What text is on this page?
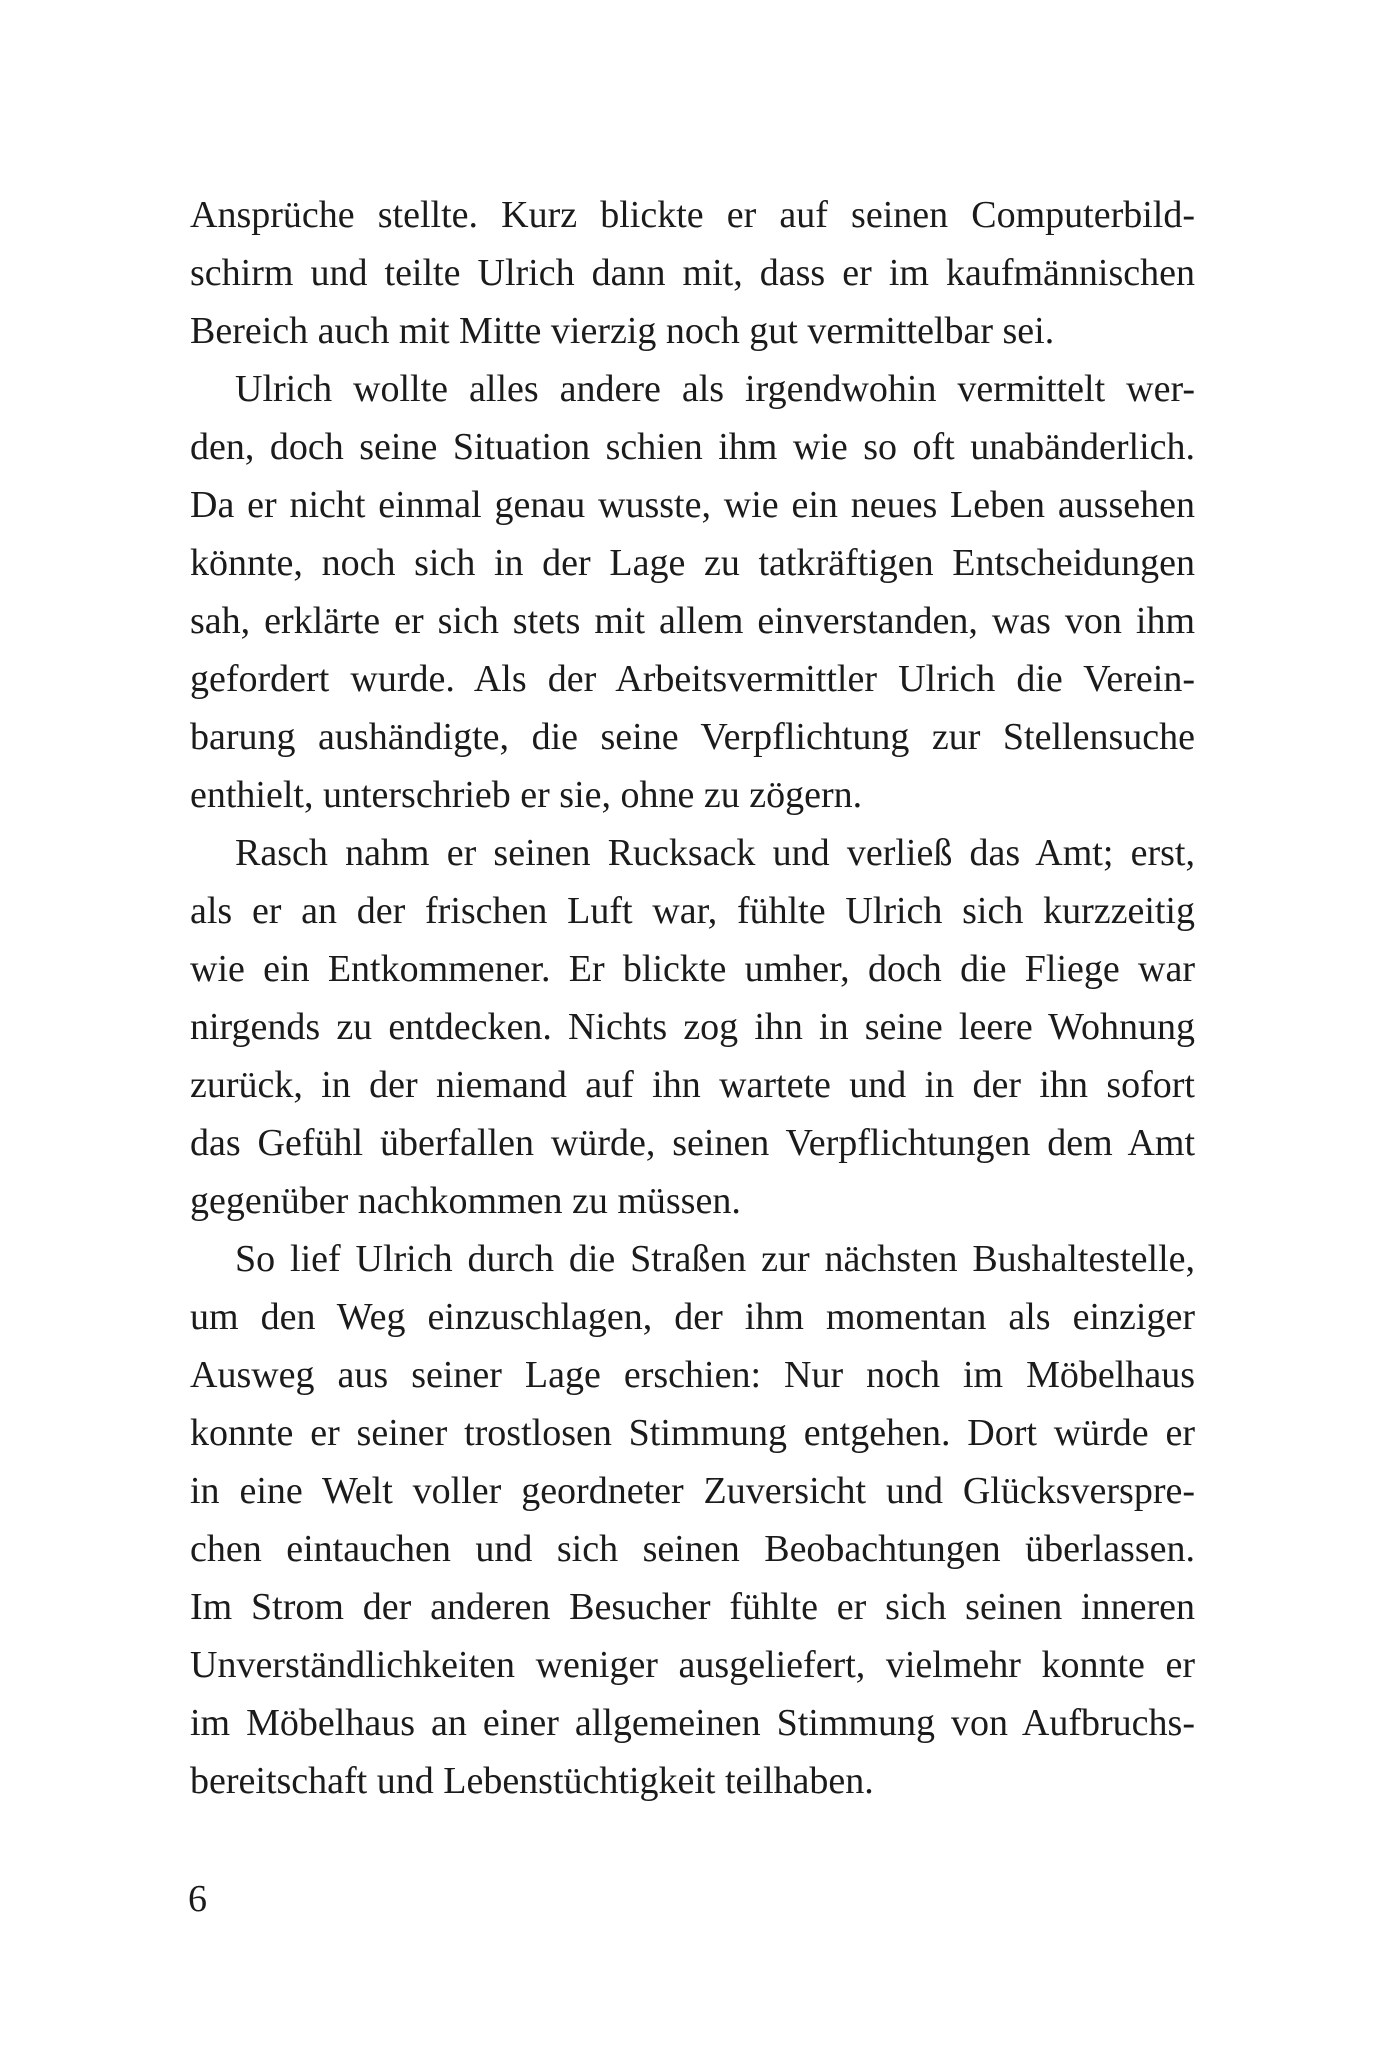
Ansprüche stellte. Kurz blickte er auf seinen Computerbild-
schirm und teilte Ulrich dann mit, dass er im kaufmännischen
Bereich auch mit Mitte vierzig noch gut vermittelbar sei.
Ulrich wollte alles andere als irgendwohin vermittelt wer-
den, doch seine Situation schien ihm wie so oft unabänderlich.
Da er nicht einmal genau wusste, wie ein neues Leben aussehen
könnte, noch sich in der Lage zu tatkräftigen Entscheidungen
sah, erklärte er sich stets mit allem einverstanden, was von ihm
gefordert wurde. Als der Arbeitsvermittler Ulrich die Verein-
barung aushändigte, die seine Verpflichtung zur Stellensuche
enthielt, unterschrieb er sie, ohne zu zögern.
Rasch nahm er seinen Rucksack und verließ das Amt; erst,
als er an der frischen Luft war, fühlte Ulrich sich kurzzeitig
wie ein Entkommener. Er blickte umher, doch die Fliege war
nirgends zu entdecken. Nichts zog ihn in seine leere Wohnung
zurück, in der niemand auf ihn wartete und in der ihn sofort
das Gefühl überfallen würde, seinen Verpflichtungen dem Amt
gegenüber nachkommen zu müssen.
So lief Ulrich durch die Straßen zur nächsten Bushaltestelle,
um den Weg einzuschlagen, der ihm momentan als einziger
Ausweg aus seiner Lage erschien: Nur noch im Möbelhaus
konnte er seiner trostlosen Stimmung entgehen. Dort würde er
in eine Welt voller geordneter Zuversicht und Glücksverspre-
chen eintauchen und sich seinen Beobachtungen überlassen.
Im Strom der anderen Besucher fühlte er sich seinen inneren
Unverständlichkeiten weniger ausgeliefert, vielmehr konnte er
im Möbelhaus an einer allgemeinen Stimmung von Aufbruchs-
bereitschaft und Lebenstüchtigkeit teilhaben.
6
